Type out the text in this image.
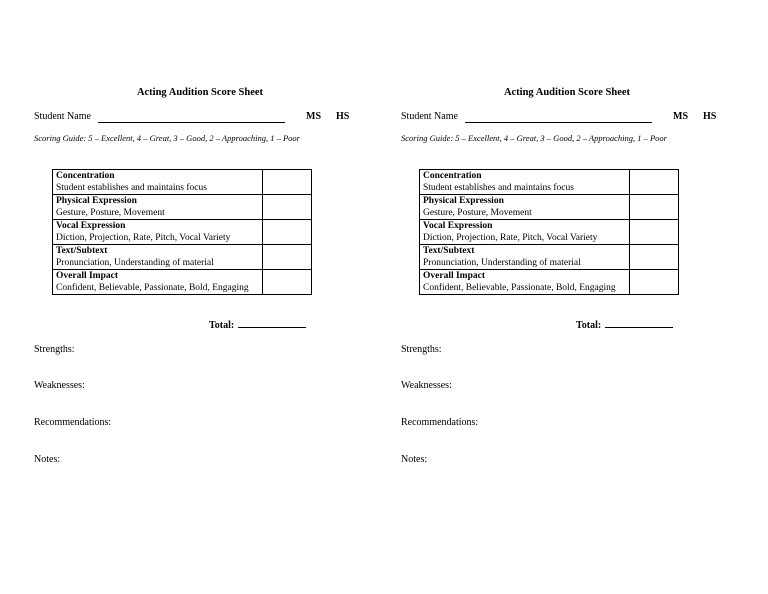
Acting Audition Score Sheet
Student Name	MS HS
Scoring Guide: 5 – Excellent, 4 – Great, 3 – Good, 2 – Approaching, 1 – Poor
Concentration
Student establishes and maintains focus	

Physical Expression
Gesture, Posture, Movement	

Vocal Expression
Diction, Projection, Rate, Pitch, Vocal Variety	

Text/Subtext
Pronunciation, Understanding of material	

Overall Impact
Confident, Believable, Passionate, Bold, Engaging	

Total:
Strengths:
Weaknesses:
Recommendations:
Notes:
Acting Audition Score Sheet
Student Name	MS HS
Scoring Guide: 5 – Excellent, 4 – Great, 3 – Good, 2 – Approaching, 1 – Poor
Concentration
Student establishes and maintains focus	

Physical Expression
Gesture, Posture, Movement	

Vocal Expression
Diction, Projection, Rate, Pitch, Vocal Variety	

Text/Subtext
Pronunciation, Understanding of material	

Overall Impact
Confident, Believable, Passionate, Bold, Engaging	

Total:
Strengths:
Weaknesses:
Recommendations:
Notes:
